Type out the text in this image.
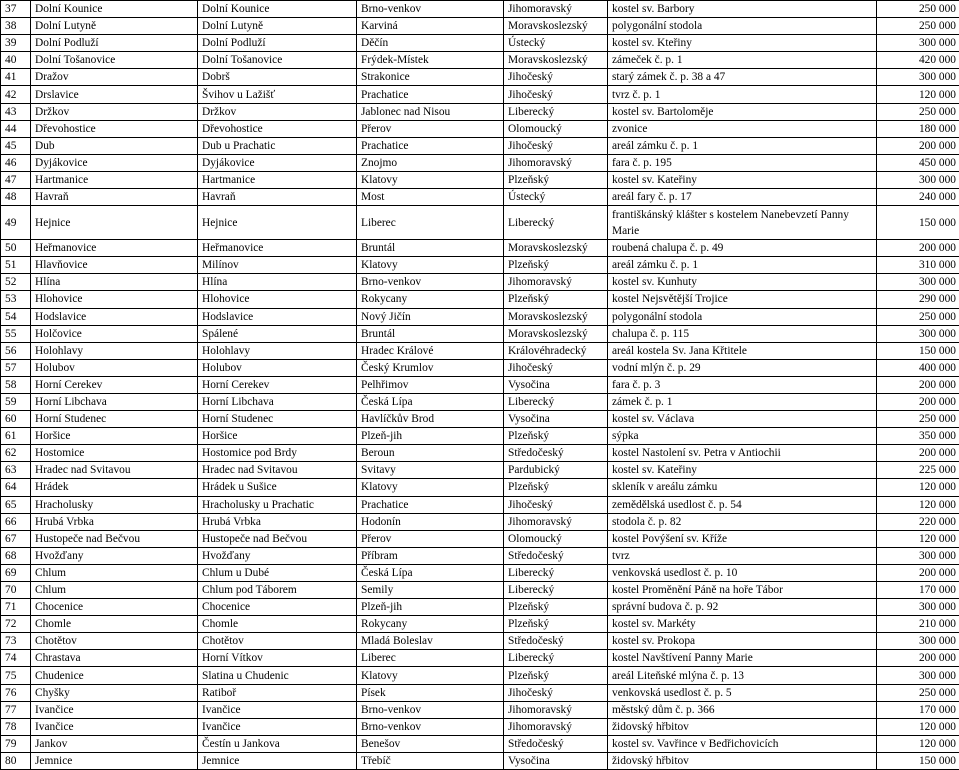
37	Dolní Kounice	Dolní Kounice	Brno-venkov	Jihomoravský	kostel sv. Barbory	250 000
38	Dolní Lutyně	Dolní Lutyně	Karviná	Moravskoslezský	polygonální stodola	250 000
39	Dolní Podluží	Dolní Podluží	Děčín	Ústecký	kostel sv. Kteřiny	300 000
40	Dolní Tošanovice	Dolní Tošanovice	Frýdek-Místek	Moravskoslezský	zámeček č. p. 1	420 000
41	Dražov	Dobrš	Strakonice	Jihočeský	starý zámek č. p. 38 a 47	300 000
42	Drslavice	Švihov u Lažišť	Prachatice	Jihočeský	tvrz č. p. 1	120 000
43	Držkov	Držkov	Jablonec nad Nisou	Liberecký	kostel sv. Bartoloměje	250 000
44	Dřevohostice	Dřevohostice	Přerov	Olomoucký	zvonice	180 000
45	Dub	Dub u Prachatic	Prachatice	Jihočeský	areál zámku č. p. 1	200 000
46	Dyjákovice	Dyjákovice	Znojmo	Jihomoravský	fara č. p. 195	450 000
47	Hartmanice	Hartmanice	Klatovy	Plzeňský	kostel sv. Kateřiny	300 000
48	Havraň	Havraň	Most	Ústecký	areál fary č. p. 17	240 000
49	Hejnice	Hejnice	Liberec	Liberecký	františkánský klášter s kostelem Nanebevzetí Panny Marie	150 000
50	Heřmanovice	Heřmanovice	Bruntál	Moravskoslezský	roubená chalupa č. p. 49	200 000
51	Hlavňovice	Milínov	Klatovy	Plzeňský	areál zámku č. p. 1	310 000
52	Hlína	Hlína	Brno-venkov	Jihomoravský	kostel sv. Kunhuty	300 000
53	Hlohovice	Hlohovice	Rokycany	Plzeňský	kostel Nejsvětější Trojice	290 000
54	Hodslavice	Hodslavice	Nový Jičín	Moravskoslezský	polygonální stodola	250 000
55	Holčovice	Spálené	Bruntál	Moravskoslezský	chalupa č. p. 115	300 000
56	Holohlavy	Holohlavy	Hradec Králové	Královéhradecký	areál kostela Sv. Jana Křtitele	150 000
57	Holubov	Holubov	Český Krumlov	Jihočeský	vodní mlýn č. p. 29	400 000
58	Horní Cerekev	Horní Cerekev	Pelhřimov	Vysočina	fara č. p. 3	200 000
59	Horní Libchava	Horní Libchava	Česká Lípa	Liberecký	zámek č. p. 1	200 000
60	Horní Studenec	Horní Studenec	Havlíčkův Brod	Vysočina	kostel sv. Václava	250 000
61	Horšice	Horšice	Plzeň-jih	Plzeňský	sýpka	350 000
62	Hostomice	Hostomice pod Brdy	Beroun	Středočeský	kostel Nastolení sv. Petra v Antiochii	200 000
63	Hradec nad Svitavou	Hradec nad Svitavou	Svitavy	Pardubický	kostel sv. Kateřiny	225 000
64	Hrádek	Hrádek u Sušice	Klatovy	Plzeňský	skleník v areálu zámku	120 000
65	Hracholusky	Hracholusky u Prachatic	Prachatice	Jihočeský	zemědělská usedlost č. p. 54	120 000
66	Hrubá Vrbka	Hrubá Vrbka	Hodonín	Jihomoravský	stodola č. p. 82	220 000
67	Hustopeče nad Bečvou	Hustopeče nad Bečvou	Přerov	Olomoucký	kostel Povýšení sv. Kříže	120 000
68	Hvožďany	Hvožďany	Příbram	Středočeský	tvrz	300 000
69	Chlum	Chlum u Dubé	Česká Lípa	Liberecký	venkovská usedlost č. p. 10	200 000
70	Chlum	Chlum pod Táborem	Semily	Liberecký	kostel Proměnění Páně na hoře Tábor	170 000
71	Chocenice	Chocenice	Plzeň-jih	Plzeňský	správní budova č. p. 92	300 000
72	Chomle	Chomle	Rokycany	Plzeňský	kostel sv. Markéty	210 000
73	Chotětov	Chotětov	Mladá Boleslav	Středočeský	kostel sv. Prokopa	300 000
74	Chrastava	Horní Vítkov	Liberec	Liberecký	kostel Navštívení Panny Marie	200 000
75	Chudenice	Slatina u Chudenic	Klatovy	Plzeňský	areál Liteňské mlýna č. p. 13	300 000
76	Chyšky	Ratiboř	Písek	Jihočeský	venkovská usedlost č. p. 5	250 000
77	Ivančice	Ivančice	Brno-venkov	Jihomoravský	městský dům č. p. 366	170 000
78	Ivančice	Ivančice	Brno-venkov	Jihomoravský	židovský hřbitov	120 000
79	Jankov	Čestín u Jankova	Benešov	Středočeský	kostel sv. Vavřince v Bedřichovicích	120 000
80	Jemnice	Jemnice	Třebíč	Vysočina	židovský hřbitov	150 000
